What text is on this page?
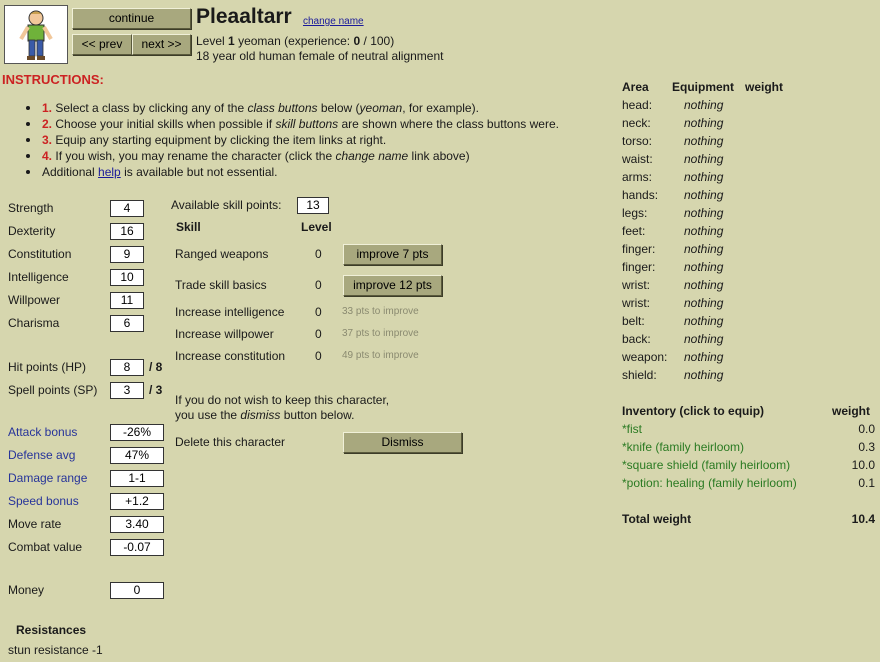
continue
<< prev	next >>
Pleaaltarr change name
Level 1 yeoman (experience: 0 / 100)
18 year old human female of neutral alignment
INSTRUCTIONS:
1. Select a class by clicking any of the class buttons below (yeoman, for example).
2. Choose your initial skills when possible if skill buttons are shown where the class buttons were.
3. Equip any starting equipment by clicking the item links at right.
4. If you wish, you may rename the character (click the change name link above)
Additional help is available but not essential.
Strength	4
Dexterity	16
Constitution	9
Intelligence	10
Willpower	11
Charisma	6
Hit points (HP)	8	/ 8
Spell points (SP)	3	/ 3
Attack bonus	-26%
Defense avg	47%
Damage range	1-1
Speed bonus	+1.2
Move rate	3.40
Combat value	-0.07
Money	0
Resistances
stun resistance -1
Available skill points:	13
Skill	Level
Ranged weapons	0	improve 7 pts
Trade skill basics	0	improve 12 pts
Increase intelligence	0 33 pts to improve
Increase willpower	0 37 pts to improve
Increase constitution 0 49 pts to improve
If you do not wish to keep this character,
you use the dismiss button below.
Delete this character	Dismiss
Area Equipment weight
head:	nothing
neck:	nothing
torso:	nothing
waist:	nothing
arms:	nothing
hands: nothing
legs:	nothing
feet:	nothing
finger: nothing
finger: nothing
wrist:	nothing
wrist:	nothing
belt:	nothing
back:	nothing
weapon: nothing
shield: nothing
Inventory (click to equip)	weight
*fist	0.0
*knife (family heirloom)	0.3
*square shield (family heirloom)	10.0
*potion: healing (family heirloom)	0.1
Total weight	10.4
